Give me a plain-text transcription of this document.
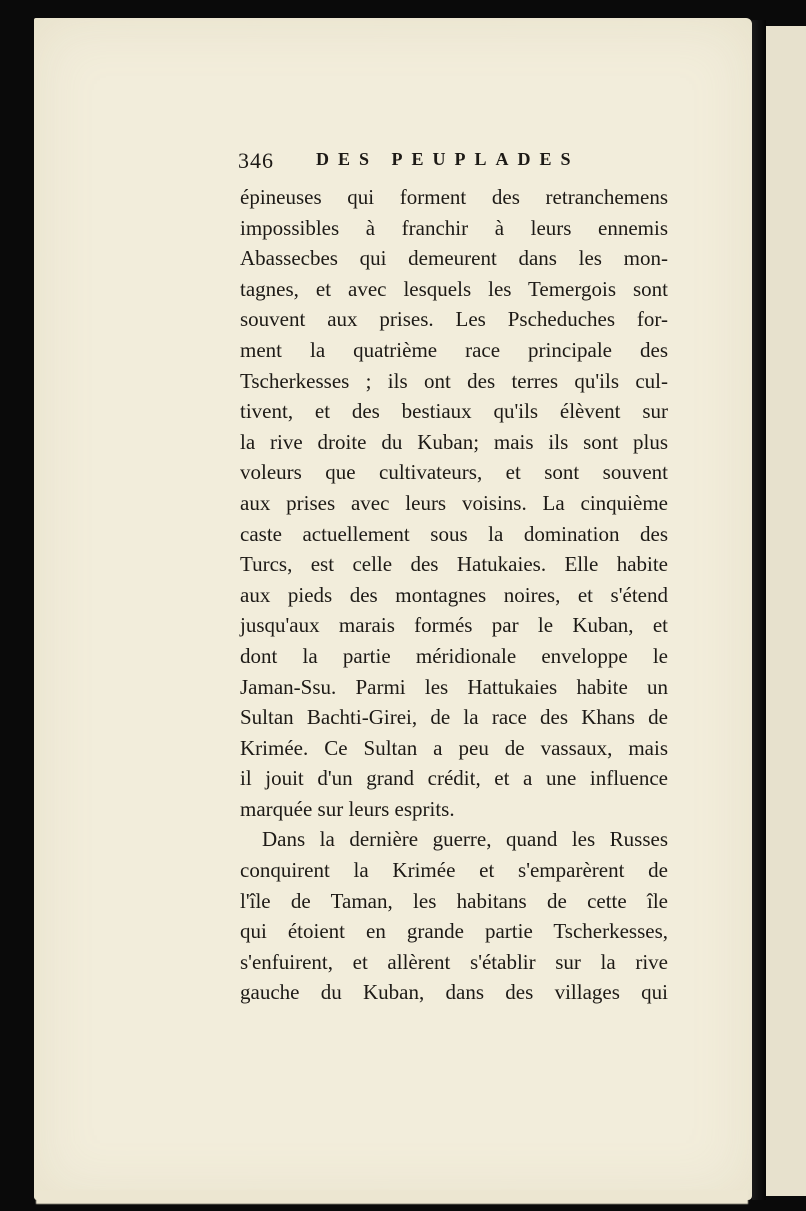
346 DES PEUPLADES
épineuses qui forment des retranchemens
impossibles à franchir à leurs ennemis
Abassecbes qui demeurent dans les mon-
tagnes, et avec lesquels les Temergois sont
souvent aux prises. Les Pscheduches for-
ment la quatrième race principale des
Tscherkesses ; ils ont des terres qu'ils cul-
tivent, et des bestiaux qu'ils élèvent sur
la rive droite du Kuban; mais ils sont plus
voleurs que cultivateurs, et sont souvent
aux prises avec leurs voisins. La cinquième
caste actuellement sous la domination des
Turcs, est celle des Hatukaies. Elle habite
aux pieds des montagnes noires, et s'étend
jusqu'aux marais formés par le Kuban, et
dont la partie méridionale enveloppe le
Jaman-Ssu. Parmi les Hattukaies habite un
Sultan Bachti-Girei, de la race des Khans de
Krimée. Ce Sultan a peu de vassaux, mais
il jouit d'un grand crédit, et a une influence
marquée sur leurs esprits.
Dans la dernière guerre, quand les Russes
conquirent la Krimée et s'emparèrent de
l'île de Taman, les habitans de cette île
qui étoient en grande partie Tscherkesses,
s'enfuirent, et allèrent s'établir sur la rive
gauche du Kuban, dans des villages qui
